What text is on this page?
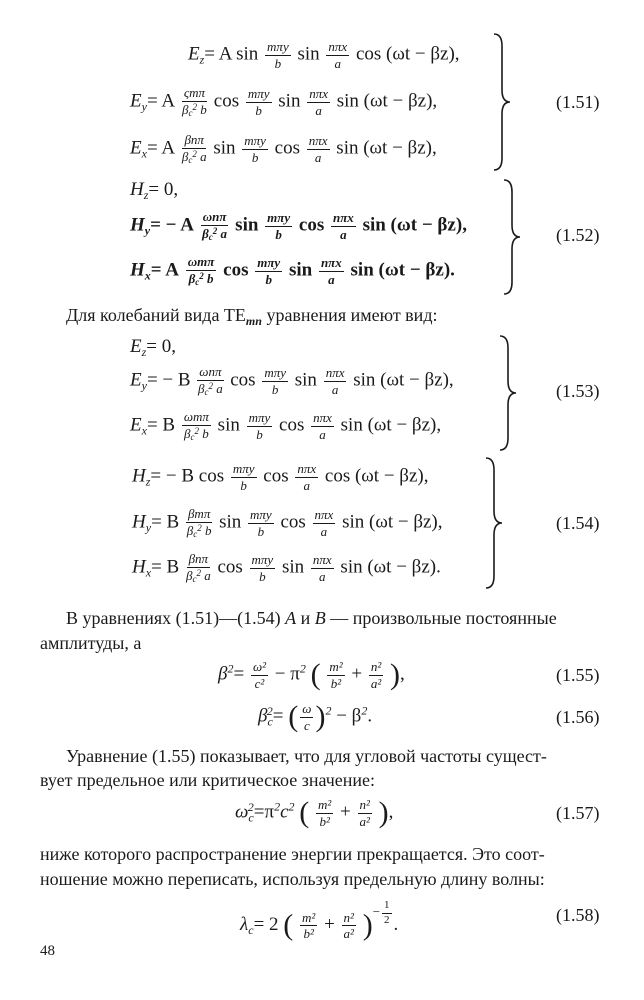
$E_z= A$ $\sin \frac{\text{mπy}}{b}$ $\sin \frac{\text{nπx}}{a}$ cos (ωt − βz),
$E_y= A \frac{\text{ςmπ}}{\beta_c^2 b}$ $\cos \frac{\text{mπy}}{b}$ $\sin \frac{\text{nπx}}{a}$ sin (ωt − βz),
$E_x= A \frac{\text{βnπ}}{\beta_c^2 a}$ $\sin \frac{\text{mπy}}{b}$ $\cos \frac{\text{nπx}}{a}$ sin (ωt − βz),
(1.51)
$H_z= 0$,
$H_y= - A \frac{\text{ωnπ}}{\beta_c^2 a}$ $\sin \frac{\text{mπy}}{b}$ $\cos \frac{\text{nπx}}{a}$ sin (ωt − βz),
$H_x= A \frac{\text{ωmπ}}{\beta_c^2 b}$ $\cos \frac{\text{mπy}}{b}$ $\sin \frac{\text{nπx}}{a}$ sin (ωt − βz).
(1.52)
Для колебаний вида $ТЕ_{mn}$ уравнения имеют вид:
$E_z= 0$,
$E_y= - B \frac{\text{ωnπ}}{\beta_c^2 a}$ $\cos \frac{\text{mπy}}{b}$ $\sin \frac{\text{nπx}}{a}$ sin (ωt − βz),
$E_x= B \frac{\text{ωmπ}}{\beta_c^2 b}$ $\sin \frac{\text{mπy}}{b}$ $\cos \frac{\text{nπx}}{a}$ sin (ωt − βz),
(1.53)
$H_z= - B$ $\cos \frac{\text{mπy}}{b}$ $\cos \frac{\text{nπx}}{a}$ cos (ωt − βz),
$H_y= B \frac{\text{βmπ}}{\beta_c^2 b}$ $\sin \frac{\text{mπy}}{b}$ $\cos \frac{\text{nπx}}{a}$ sin (ωt − βz),
$H_x= B \frac{\text{βnπ}}{\beta_c^2 a}$ $\cos \frac{\text{mπy}}{b}$ $\sin \frac{\text{nπx}}{a}$ sin (ωt − βz).
(1.54)
В уравнениях (1.51)—(1.54) A и B — произвольные постоянные
амплитуды, а
$\beta^2= \frac{\text{ω²}}{\text{c²}} - \pi^2$ ( $\frac{\text{m²}}{\text{b²}} + \frac{\text{n²}}{\text{a²}}$ ),	(1.55)
$\beta_c^2=$ ( $\frac{\omega}{c} )^2 - \beta^2$.	(1.56)
Уравнение (1.55) показывает, что для угловой частоты сущест-
вует предельное или критическое значение:
$\omega_c^2=\pi^2c^2$ ( $\frac{\text{m²}}{\text{b²}} + \frac{\text{n²}}{\text{a²}}$ ),	(1.57)
ниже которого распространение энергии прекращается. Это соот-
ношение можно переписать, используя предельную длину волны:
$\lambda_c= 2$ ( $\frac{\text{m²}}{\text{b²}} + \frac{\text{n²}}{\text{a²}} )^{- \frac{1}{2}}$ .	(1.58)
48
